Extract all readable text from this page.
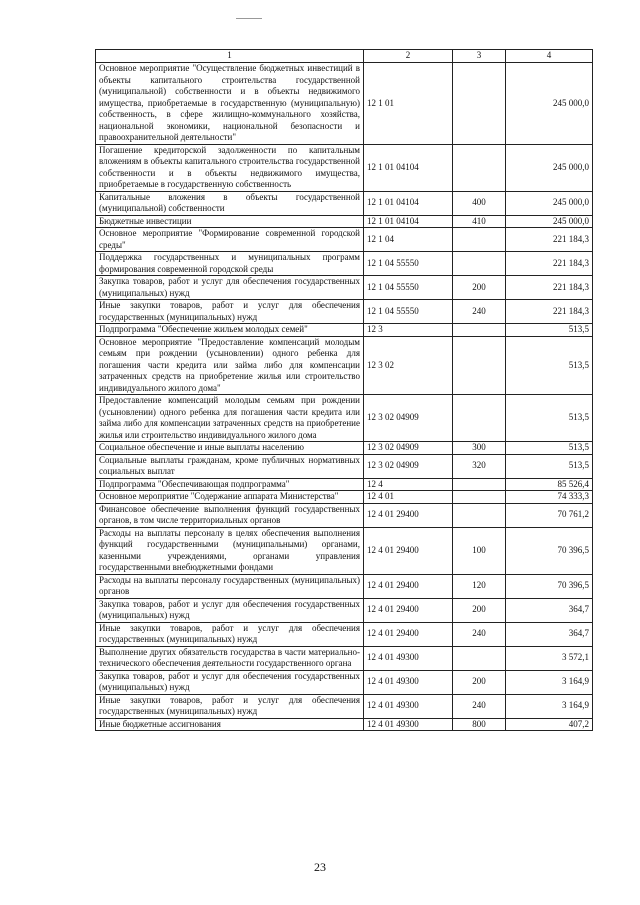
1	2	3	4
Основное мероприятие "Осуществление бюджетных инвестиций в объекты капитального строительства государственной (муниципальной) собственности и в объекты недвижимого имущества, приобретаемые в государственную (муниципальную) собственность, в сфере жилищно-коммунального хозяйства, национальной экономики, национальной безопасности и правоохранительной деятельности"	12 1 01		245 000,0
Погашение кредиторской задолженности по капитальным вложениям в объекты капитального строительства государственной собственности и в объекты недвижимого имущества, приобретаемые в государственную собственность	12 1 01 04104		245 000,0
Капитальные вложения в объекты государственной (муниципальной) собственности	12 1 01 04104	400	245 000,0
Бюджетные инвестиции	12 1 01 04104	410	245 000,0
Основное мероприятие "Формирование современной городской среды"	12 1 04		221 184,3
Поддержка государственных и муниципальных программ формирования современной городской среды	12 1 04 55550		221 184,3
Закупка товаров, работ и услуг для обеспечения государственных (муниципальных) нужд	12 1 04 55550	200	221 184,3
Иные закупки товаров, работ и услуг для обеспечения государственных (муниципальных) нужд	12 1 04 55550	240	221 184,3
Подпрограмма "Обеспечение жильем молодых семей"	12 3		513,5
Основное мероприятие "Предоставление компенсаций молодым семьям при рождении (усыновлении) одного ребенка для погашения части кредита или займа либо для компенсации затраченных средств на приобретение жилья или строительство индивидуального жилого дома"	12 3 02		513,5
Предоставление компенсаций молодым семьям при рождении (усыновлении) одного ребенка для погашения части кредита или займа либо для компенсации затраченных средств на приобретение жилья или строительство индивидуального жилого дома	12 3 02 04909		513,5
Социальное обеспечение и иные выплаты населению	12 3 02 04909	300	513,5
Социальные выплаты гражданам, кроме публичных нормативных социальных выплат	12 3 02 04909	320	513,5
Подпрограмма "Обеспечивающая подпрограмма"	12 4		85 526,4
Основное мероприятие "Содержание аппарата Министерства"	12 4 01		74 333,3
Финансовое обеспечение выполнения функций государственных органов, в том числе территориальных органов	12 4 01 29400		70 761,2
Расходы на выплаты персоналу в целях обеспечения выполнения функций государственными (муниципальными) органами, казенными учреждениями, органами управления государственными внебюджетными фондами	12 4 01 29400	100	70 396,5
Расходы на выплаты персоналу государственных (муниципальных) органов	12 4 01 29400	120	70 396,5
Закупка товаров, работ и услуг для обеспечения государственных (муниципальных) нужд	12 4 01 29400	200	364,7
Иные закупки товаров, работ и услуг для обеспечения государственных (муниципальных) нужд	12 4 01 29400	240	364,7
Выполнение других обязательств государства в части материально-технического обеспечения деятельности государственного органа	12 4 01 49300		3 572,1
Закупка товаров, работ и услуг для обеспечения государственных (муниципальных) нужд	12 4 01 49300	200	3 164,9
Иные закупки товаров, работ и услуг для обеспечения государственных (муниципальных) нужд	12 4 01 49300	240	3 164,9
Иные бюджетные ассигнования	12 4 01 49300	800	407,2
23
